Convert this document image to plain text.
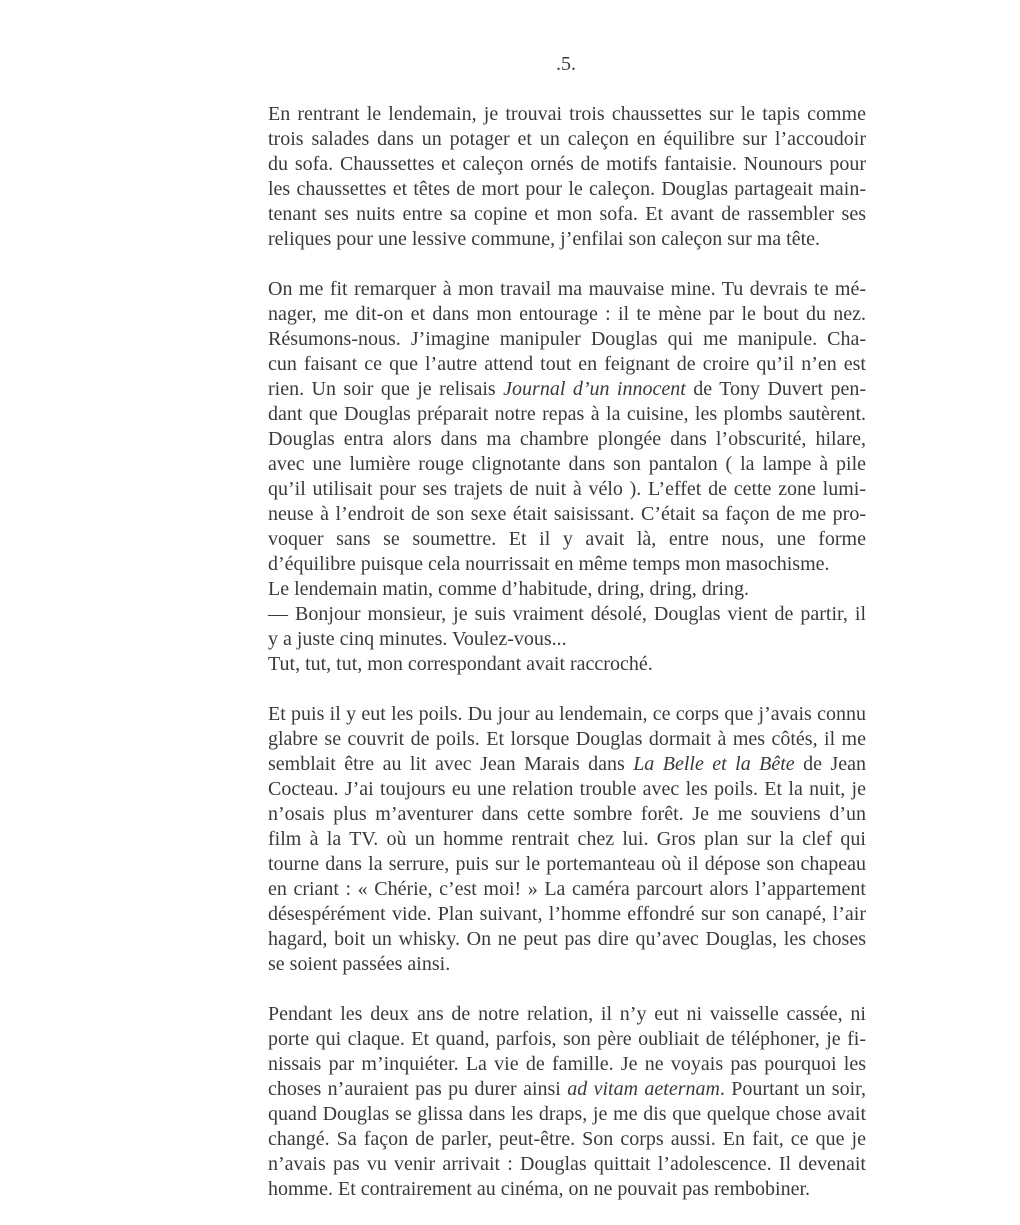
.5.

En rentrant le lendemain, je trouvai trois chaussettes sur le tapis comme

trois salades dans un potager et un caleçon en équilibre sur l’accoudoir

du sofa. Chaussettes et caleçon ornés de motifs fantaisie. Nounours pour

les chaussettes et têtes de mort pour le caleçon. Douglas partageait main-

tenant ses nuits entre sa copine et mon sofa. Et avant de rassembler ses

reliques pour une lessive commune, j’enfilai son caleçon sur ma tête.

On me fit remarquer à mon travail ma mauvaise mine. Tu devrais te mé-

nager, me dit-on et dans mon entourage : il te mène par le bout du nez.

Résumons-nous. J’imagine manipuler Douglas qui me manipule. Cha-

cun faisant ce que l’autre attend tout en feignant de croire qu’il n’en est

rien. Un soir que je relisais Journal d’un innocent de Tony Duvert pen-

dant que Douglas préparait notre repas à la cuisine, les plombs sautèrent.

Douglas entra alors dans ma chambre plongée dans l’obscurité, hilare,

avec une lumière rouge clignotante dans son pantalon ( la lampe à pile

qu’il utilisait pour ses trajets de nuit à vélo ). L’effet de cette zone lumi-

neuse à l’endroit de son sexe était saisissant. C’était sa façon de me pro-

voquer sans se soumettre. Et il y avait là, entre nous, une forme

d’équilibre puisque cela nourrissait en même temps mon masochisme.

Le lendemain matin, comme d’habitude, dring, dring, dring.

— Bonjour monsieur, je suis vraiment désolé, Douglas vient de partir, il

y a juste cinq minutes. Voulez-vous...

Tut, tut, tut, mon correspondant avait raccroché.

Et puis il y eut les poils. Du jour au lendemain, ce corps que j’avais connu

glabre se couvrit de poils. Et lorsque Douglas dormait à mes côtés, il me

semblait être au lit avec Jean Marais dans La Belle et la Bête de Jean

Cocteau. J’ai toujours eu une relation trouble avec les poils. Et la nuit, je

n’osais plus m’aventurer dans cette sombre forêt. Je me souviens d’un

film à la TV. où un homme rentrait chez lui. Gros plan sur la clef qui

tourne dans la serrure, puis sur le portemanteau où il dépose son chapeau

en criant : « Chérie, c’est moi! » La caméra parcourt alors l’appartement

désespérément vide. Plan suivant, l’homme effondré sur son canapé, l’air

hagard, boit un whisky. On ne peut pas dire qu’avec Douglas, les choses

se soient passées ainsi.

Pendant les deux ans de notre relation, il n’y eut ni vaisselle cassée, ni

porte qui claque. Et quand, parfois, son père oubliait de téléphoner, je fi-

nissais par m’inquiéter. La vie de famille. Je ne voyais pas pourquoi les

choses n’auraient pas pu durer ainsi ad vitam aeternam. Pourtant un soir,

quand Douglas se glissa dans les draps, je me dis que quelque chose avait

changé. Sa façon de parler, peut-être. Son corps aussi. En fait, ce que je

n’avais pas vu venir arrivait : Douglas quittait l’adolescence. Il devenait

homme. Et contrairement au cinéma, on ne pouvait pas rembobiner.
